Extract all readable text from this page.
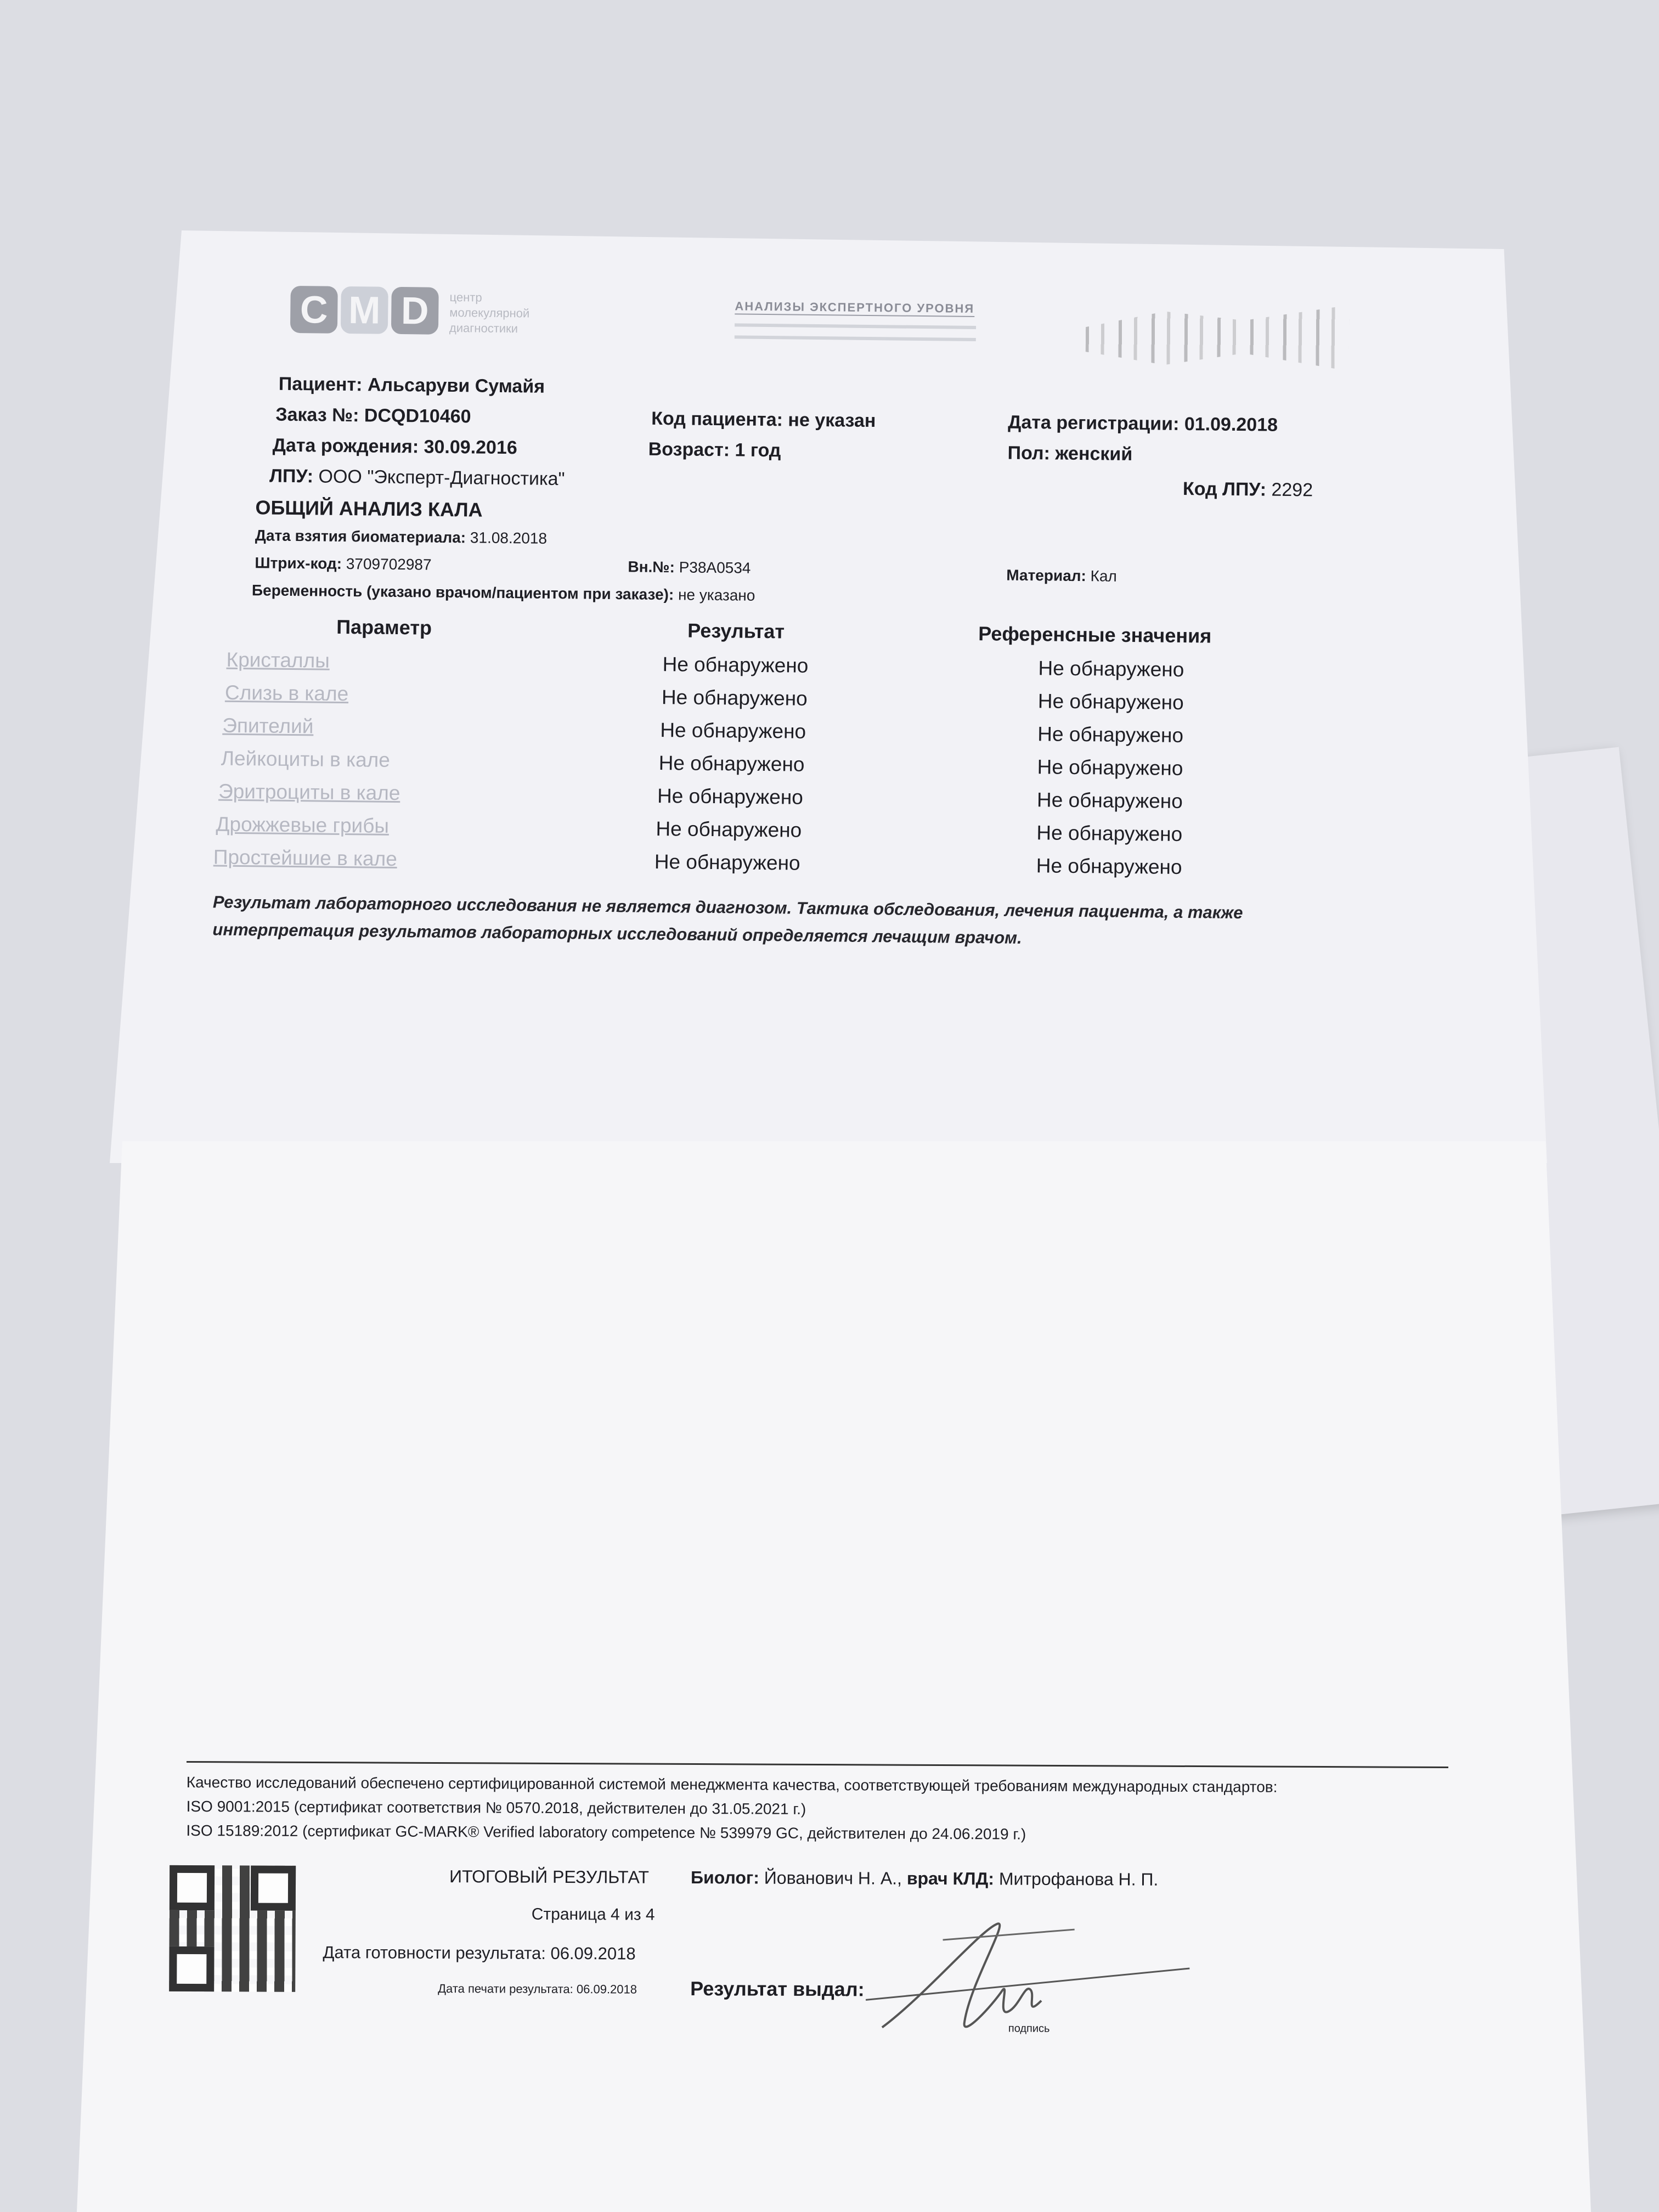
C M D	центр молекулярной диагностики
АНАЛИЗЫ ЭКСПЕРТНОГО УРОВНЯ
Пациент: Альсаруви Сумайя
Заказ №: DCQD10460	Код пациента: не указан	Дата регистрации: 01.09.2018
Дата рождения: 30.09.2016	Возраст: 1 год	Пол: женский
ЛПУ: ООО "Эксперт-Диагностика"	Код ЛПУ: 2292
ОБЩИЙ АНАЛИЗ КАЛА
Дата взятия биоматериала: 31.08.2018
Штрих-код: 3709702987	Вн.№: P38A0534	Материал: Кал
Беременность (указано врачом/пациентом при заказе): не указано
Параметр	Результат	Референсные значения
Кристаллы	Не обнаружено	Не обнаружено
Слизь в кале	Не обнаружено	Не обнаружено
Эпителий	Не обнаружено	Не обнаружено
Лейкоциты в кале	Не обнаружено	Не обнаружено
Эритроциты в кале	Не обнаружено	Не обнаружено
Дрожжевые грибы	Не обнаружено	Не обнаружено
Простейшие в кале	Не обнаружено	Не обнаружено
Результат лабораторного исследования не является диагнозом. Тактика обследования, лечения пациента, а также
интерпретация результатов лабораторных исследований определяется лечащим врачом.
Качество исследований обеспечено сертифицированной системой менеджмента качества, соответствующей требованиям международных стандартов:
ISO 9001:2015 (сертификат соответствия № 0570.2018, действителен до 31.05.2021 г.)
ISO 15189:2012 (сертификат GC-MARK® Verified laboratory competence № 539979 GC, действителен до 24.06.2019 г.)
ИТОГОВЫЙ РЕЗУЛЬТАТ Биолог: Йованович Н. А., врач КЛД: Митрофанова Н. П.
Страница 4 из 4
Дата готовности результата: 06.09.2018
Дата печати результата: 06.09.2018	Результат выдал:
подпись
